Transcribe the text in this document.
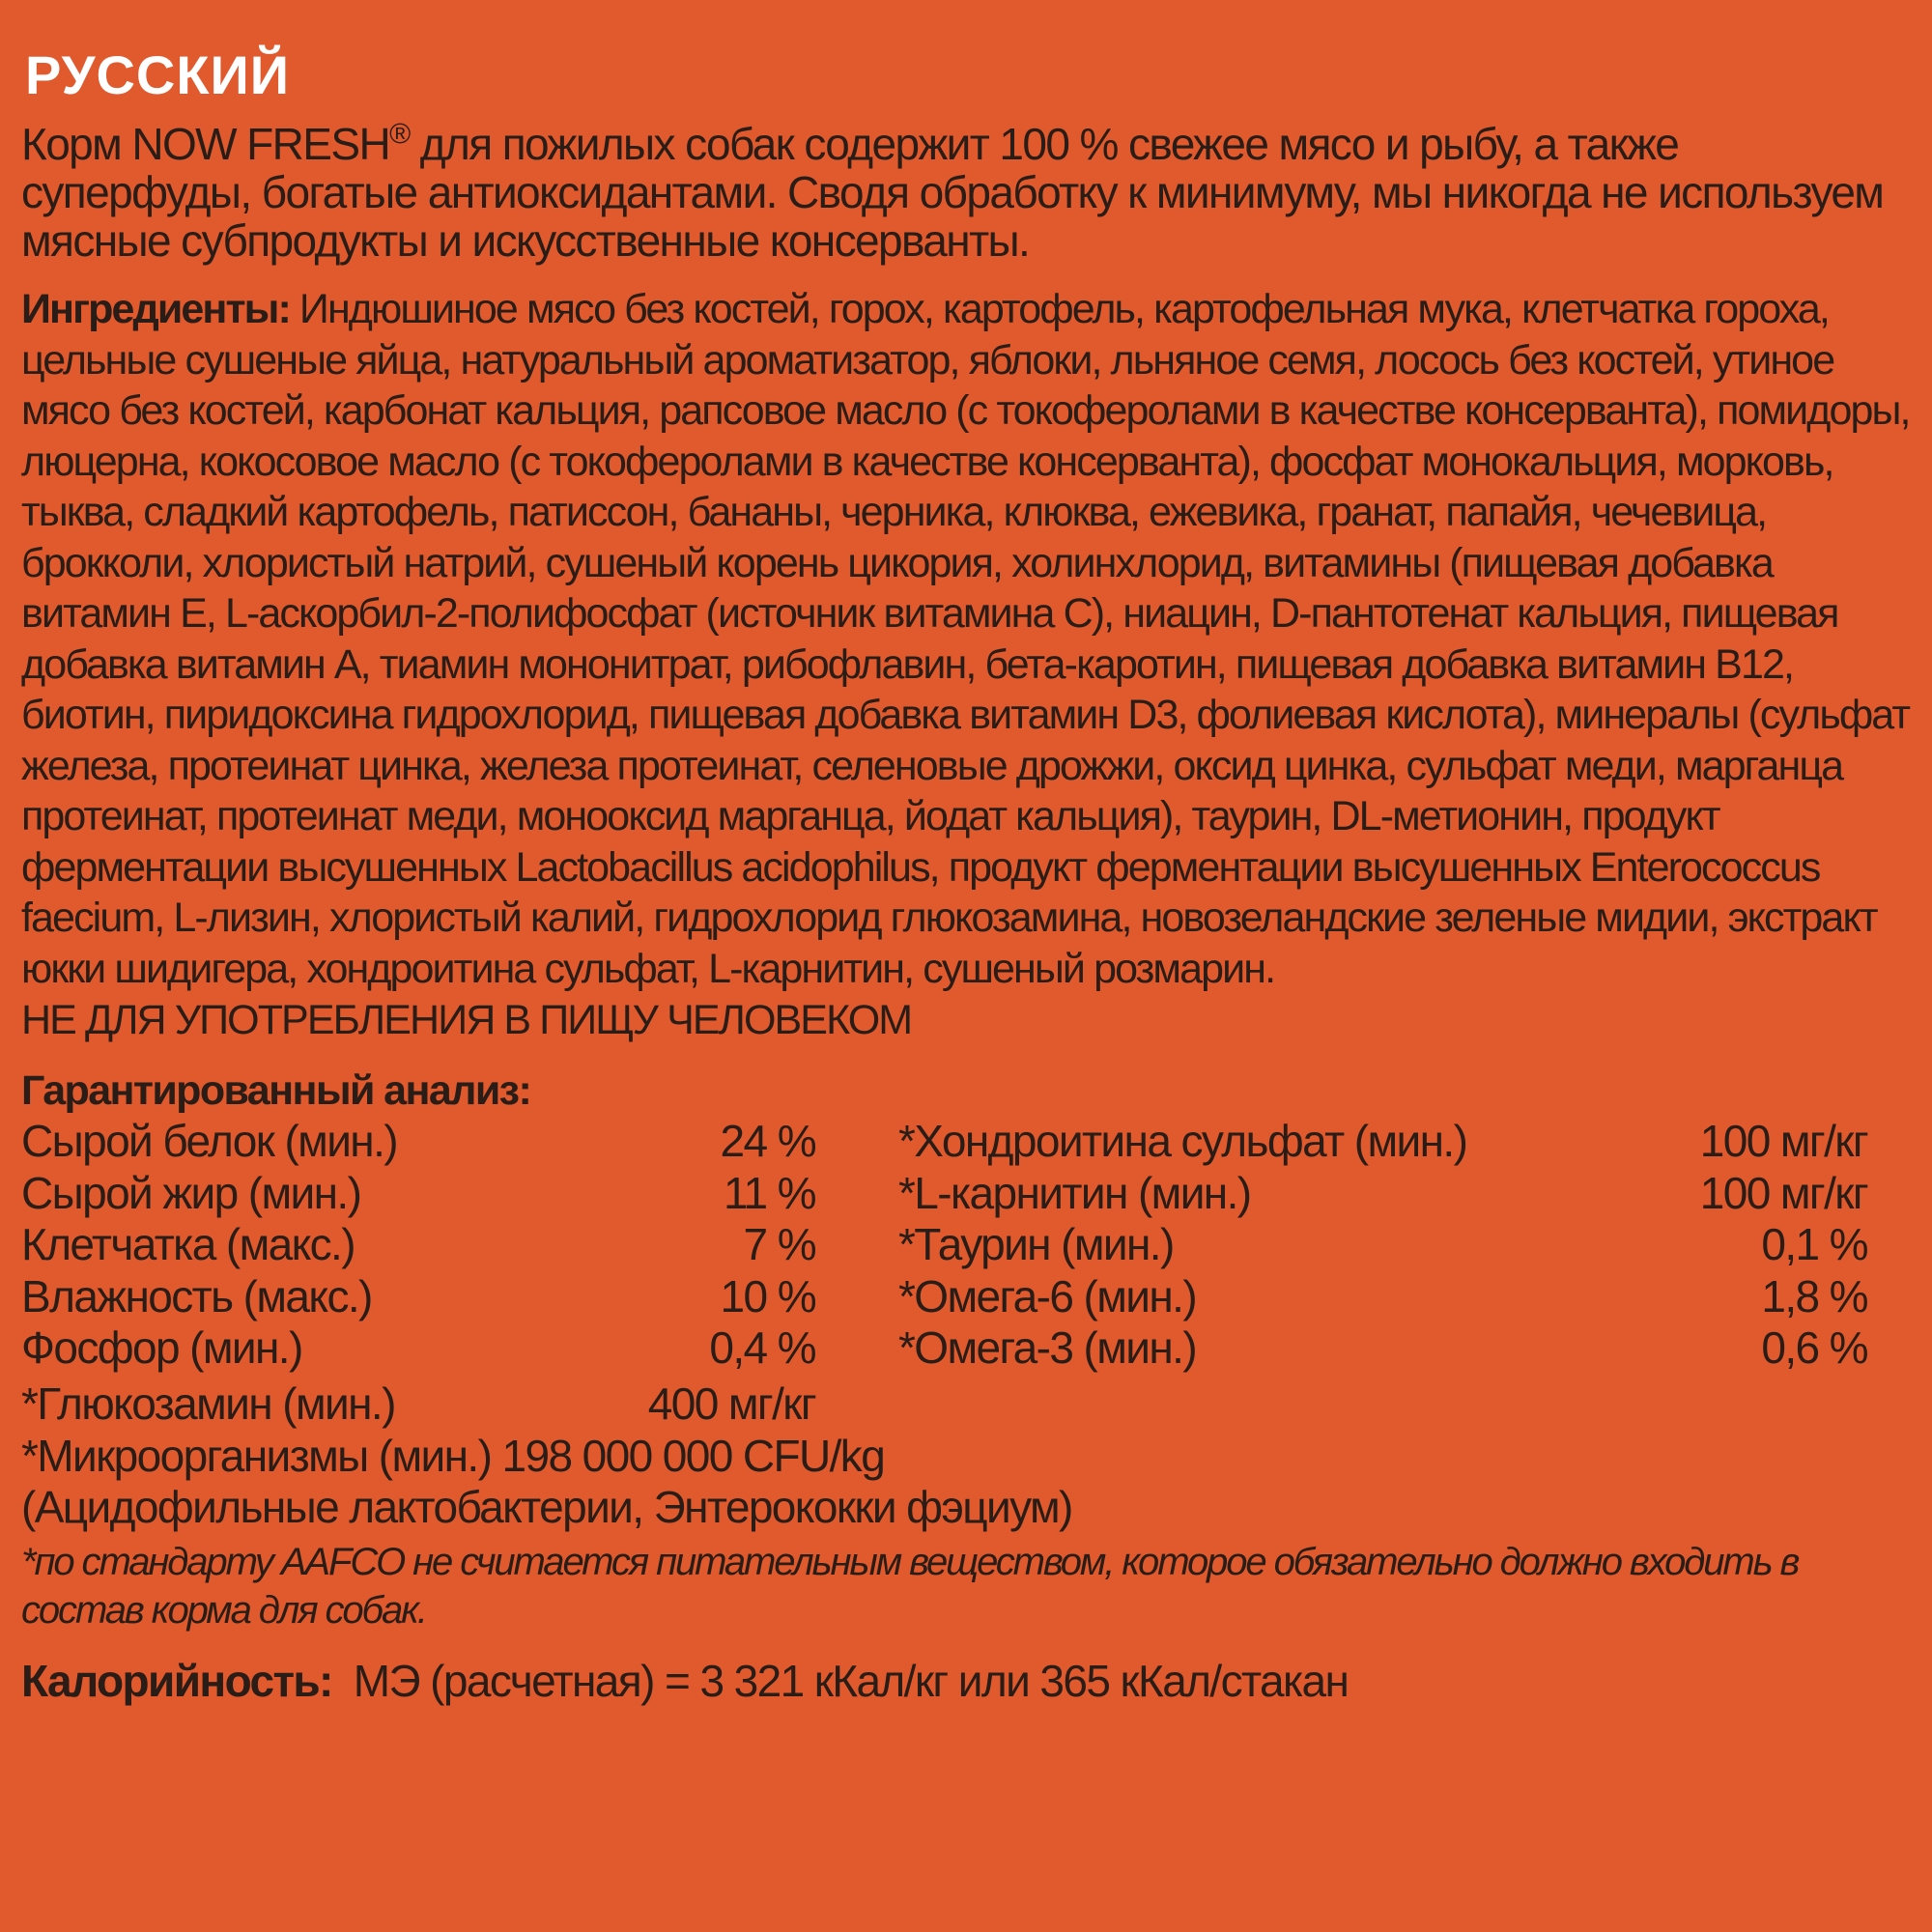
РУССКИЙ

Корм NOW FRESH® для пожилых собак содержит 100 % свежее мясо и рыбу, а также суперфуды, богатые антиоксидантами. Сводя обработку к минимуму, мы никогда не используем мясные субпродукты и искусственные консерванты.

Ингредиенты: Индюшиное мясо без костей, горох, картофель, картофельная мука, клетчатка гороха, цельные сушеные яйца, натуральный ароматизатор, яблоки, льняное семя, лосось без костей, утиное мясо без костей, карбонат кальция, рапсовое масло (с токоферолами в качестве консерванта), помидоры, люцерна, кокосовое масло (с токоферолами в качестве консерванта), фосфат монокальция, морковь, тыква, сладкий картофель, патиссон, бананы, черника, клюква, ежевика, гранат, папайя, чечевица, брокколи, хлористый натрий, сушеный корень цикория, холинхлорид, витамины (пищевая добавка витамин E, L-аскорбил-2-полифосфат (источник витамина C), ниацин, D-пантотенат кальция, пищевая добавка витамин A, тиамин мононитрат, рибофлавин, бета-каротин, пищевая добавка витамин B12, биотин, пиридоксина гидрохлорид, пищевая добавка витамин D3, фолиевая кислота), минералы (сульфат железа, протеинат цинка, железа протеинат, селеновые дрожжи, оксид цинка, сульфат меди, марганца протеинат, протеинат меди, монооксид марганца, йодат кальция), таурин, DL-метионин, продукт ферментации высушенных Lactobacillus acidophilus, продукт ферментации высушенных Enterococcus faecium, L-лизин, хлористый калий, гидрохлорид глюкозамина, новозеландские зеленые мидии, экстракт юкки шидигера, хондроитина сульфат, L-карнитин, сушеный розмарин.

НЕ ДЛЯ УПОТРЕБЛЕНИЯ В ПИЩУ ЧЕЛОВЕКОМ

Гарантированный анализ:

Сырой белок (мин.)	24 %
Сырой жир (мин.)	11 %
Клетчатка (макс.)	7 %
Влажность (макс.)	10 %
Фосфор (мин.)	0,4 %
*Хондроитина сульфат (мин.)	100 мг/кг
*L-карнитин (мин.)	100 мг/кг
*Таурин (мин.)	0,1 %
*Омега-6 (мин.)	1,8 %
*Омега-3 (мин.)	0,6 %
*Глюкозамин (мин.)	400 мг/кг
*Микроорганизмы (мин.) 198 000 000 CFU/kg
(Ацидофильные лактобактерии, Энтерококки фэциум)

*по стандарту AAFCO не считается питательным веществом, которое обязательно должно входить в состав корма для собак.

Калорийность: МЭ (расчетная) = 3 321 кКал/кг или 365 кКал/стакан
